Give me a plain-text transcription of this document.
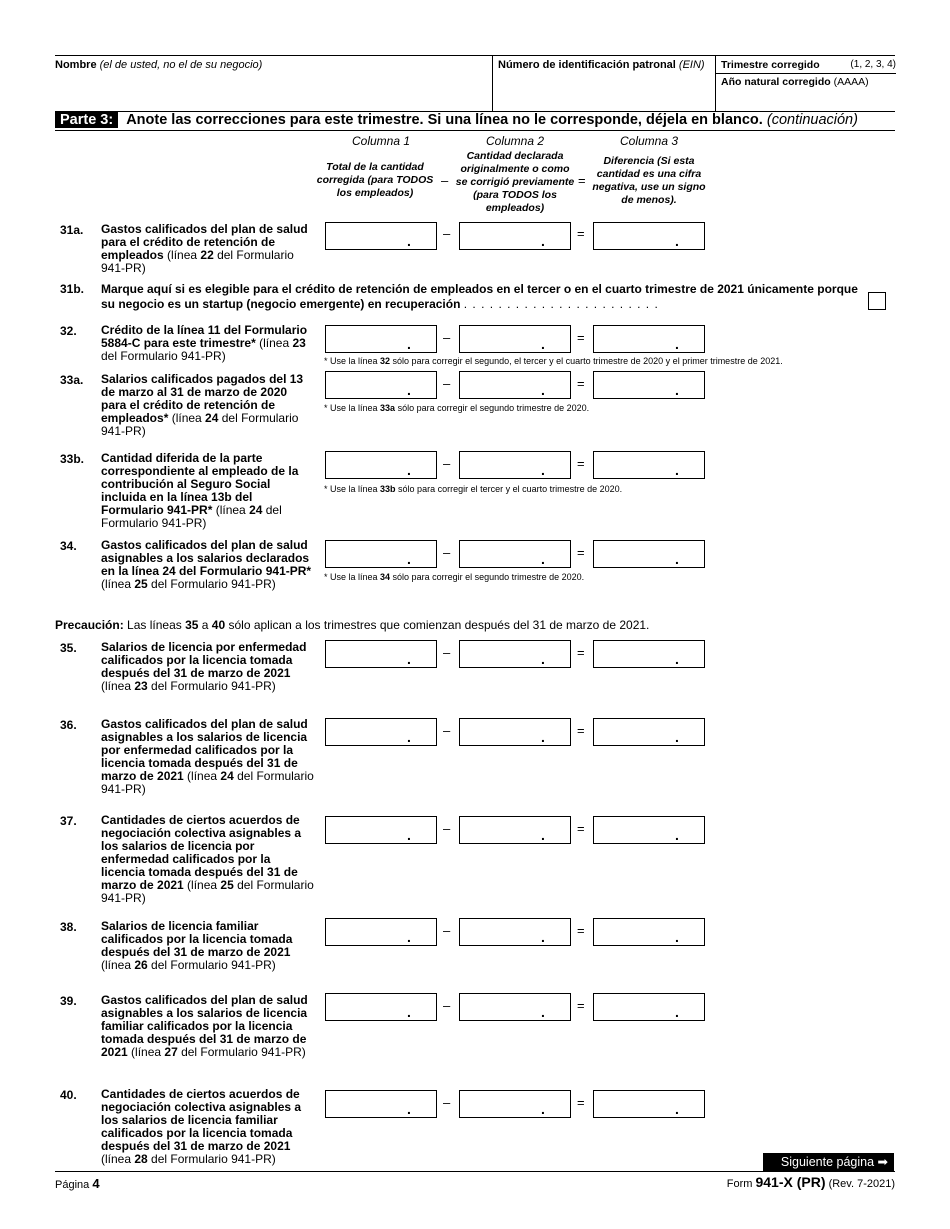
Nombre (el de usted, no el de su negocio)	Número de identificación patronal (EIN)	Trimestre corregido	(1, 2, 3, 4)
Año natural corregido (AAAA)
Parte 3: Anote las correcciones para este trimestre. Si una línea no le corresponde, déjela en blanco. (continuación)
Columna 1	Columna 2	Columna 3
Total de la cantidad corregida (para TODOS los empleados)
–
Cantidad declarada originalmente o como se corrigió previamente (para TODOS los empleados)
=
Diferencia (Si esta cantidad es una cifra negativa, use un signo de menos).
31a. Gastos calificados del plan de salud para el crédito de retención de empleados (línea 22 del Formulario 941-PR)
. –	. =	.
31b. Marque aquí si es elegible para el crédito de retención de empleados en el tercer o en el cuarto trimestre de 2021 únicamente porque su negocio es un startup (negocio emergente) en recuperación . . . . . . . . . . . . . . . . . . . . . . .
32. Crédito de la línea 11 del Formulario 5884-C para este trimestre* (línea 23 del Formulario 941-PR)
. –	. =	.
* Use la línea 32 sólo para corregir el segundo, el tercer y el cuarto trimestre de 2020 y el primer trimestre de 2021.
33a. Salarios calificados pagados del 13 de marzo al 31 de marzo de 2020 para el crédito de retención de empleados* (línea 24 del Formulario 941-PR)
. –	. =	.
* Use la línea 33a sólo para corregir el segundo trimestre de 2020.
33b. Cantidad diferida de la parte correspondiente al empleado de la contribución al Seguro Social incluida en la línea 13b del Formulario 941-PR* (línea 24 del Formulario 941-PR)
. –	. =	.
* Use la línea 33b sólo para corregir el tercer y el cuarto trimestre de 2020.
34. Gastos calificados del plan de salud asignables a los salarios declarados en la línea 24 del Formulario 941-PR* (línea 25 del Formulario 941-PR)
. –	. =	.
* Use la línea 34 sólo para corregir el segundo trimestre de 2020.
Precaución: Las líneas 35 a 40 sólo aplican a los trimestres que comienzan después del 31 de marzo de 2021.
35. Salarios de licencia por enfermedad calificados por la licencia tomada después del 31 de marzo de 2021 (línea 23 del Formulario 941-PR)
. –	. =	.
36. Gastos calificados del plan de salud asignables a los salarios de licencia por enfermedad calificados por la licencia tomada después del 31 de marzo de 2021 (línea 24 del Formulario 941-PR)
. –	. =	.
37. Cantidades de ciertos acuerdos de negociación colectiva asignables a los salarios de licencia por enfermedad calificados por la licencia tomada después del 31 de marzo de 2021 (línea 25 del Formulario 941-PR)
. –	. =	.
38. Salarios de licencia familiar calificados por la licencia tomada después del 31 de marzo de 2021 (línea 26 del Formulario 941-PR)
. –	. =	.
39. Gastos calificados del plan de salud asignables a los salarios de licencia familiar calificados por la licencia tomada después del 31 de marzo de 2021 (línea 27 del Formulario 941-PR)
. –	. =	.
40. Cantidades de ciertos acuerdos de negociación colectiva asignables a los salarios de licencia familiar calificados por la licencia tomada después del 31 de marzo de 2021 (línea 28 del Formulario 941-PR)
. –	. =	.
Siguiente página ➡
Página 4	Form 941-X (PR) (Rev. 7-2021)
